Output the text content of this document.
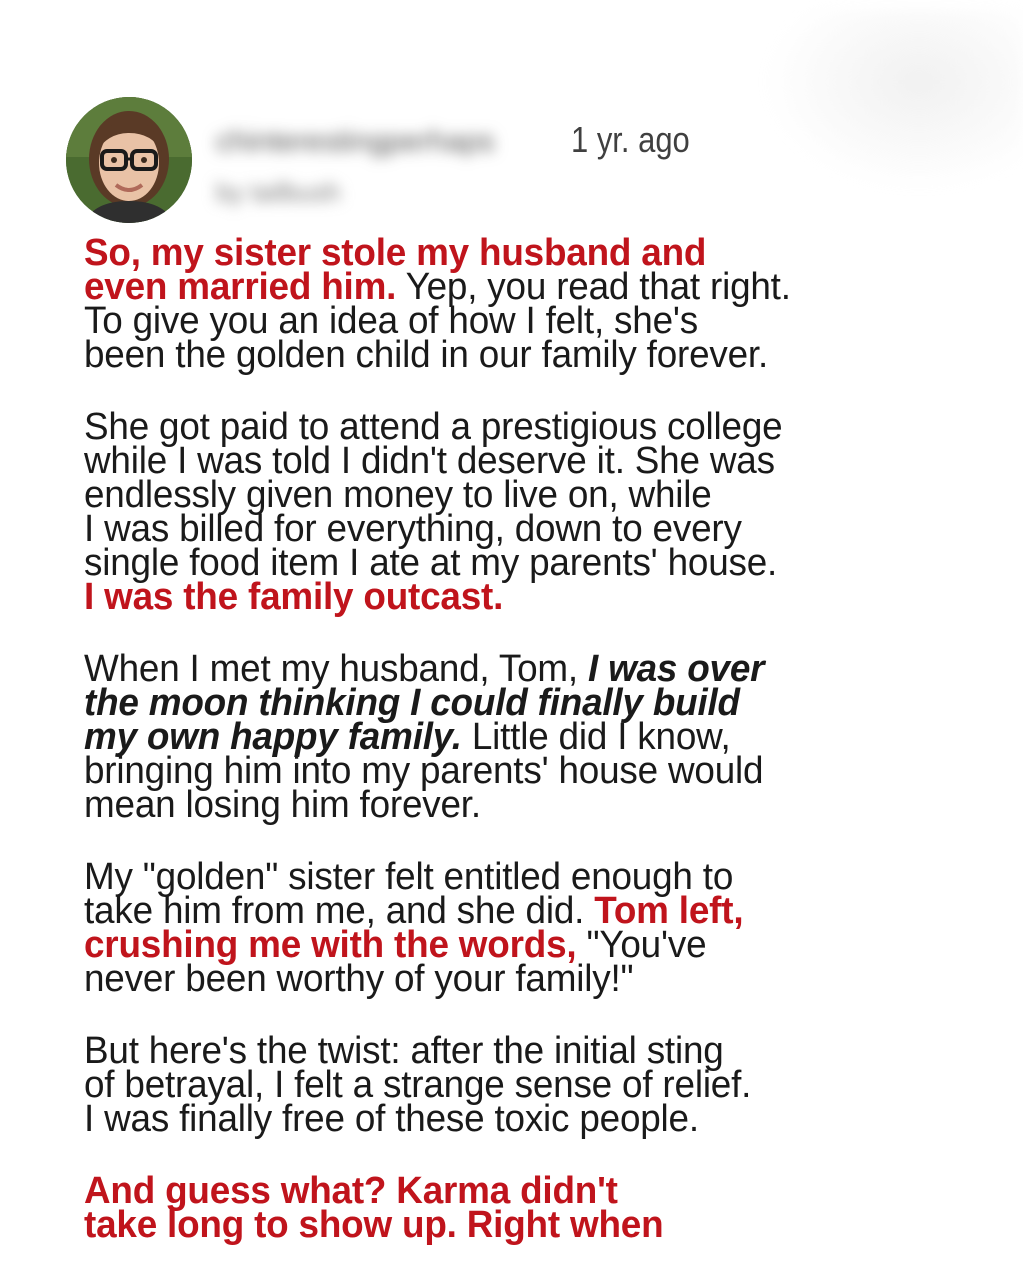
chinterestingperhaps
by tailbush
1 yr. ago
So, my sister stole my husband and
even married him. Yep, you read that right.
To give you an idea of how I felt, she's
been the golden child in our family forever.
She got paid to attend a prestigious college
while I was told I didn't deserve it. She was
endlessly given money to live on, while
I was billed for everything, down to every
single food item I ate at my parents' house.
I was the family outcast.
When I met my husband, Tom, I was over
the moon thinking I could finally build
my own happy family. Little did I know,
bringing him into my parents' house would
mean losing him forever.
My "golden" sister felt entitled enough to
take him from me, and she did. Tom left,
crushing me with the words, "You've
never been worthy of your family!"
But here's the twist: after the initial sting
of betrayal, I felt a strange sense of relief.
I was finally free of these toxic people.
And guess what? Karma didn't
take long to show up. Right when
